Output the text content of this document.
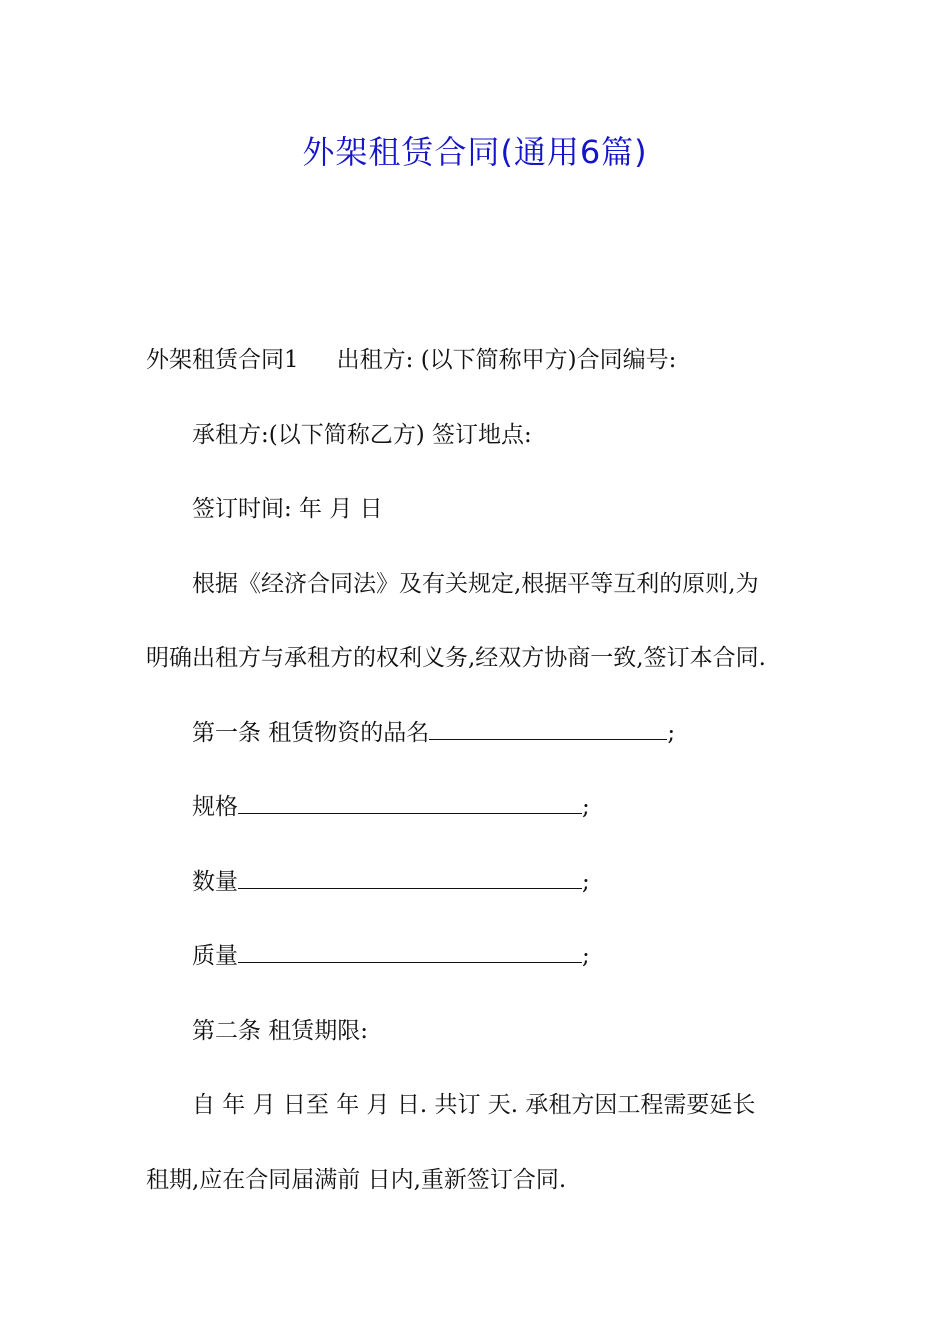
外架租赁合同(通用6篇)

外架租赁合同1 出租方: (以下简称甲方)合同编号:

承租方:(以下简称乙方) 签订地点:

签订时间: 年 月 日

根据《经济合同法》及有关规定,根据平等互利的原则,为

明确出租方与承租方的权利义务,经双方协商一致,签订本合同.

第一条 租赁物资的品名	;

规格	;

数量	;

质量	;

第二条 租赁期限:

自 年 月 日至 年 月 日. 共订 天. 承租方因工程需要延长

租期,应在合同届满前 日内,重新签订合同.
